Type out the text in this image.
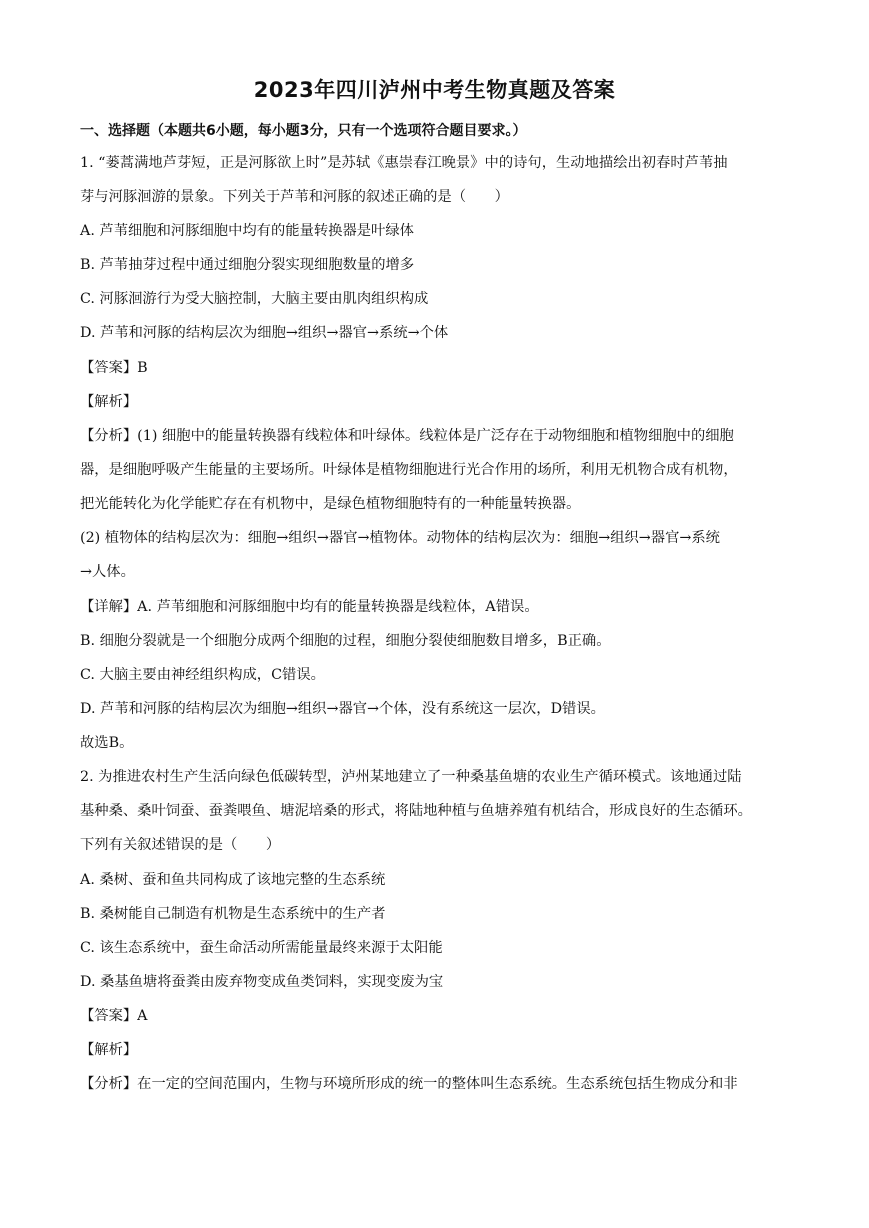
2023年四川泸州中考生物真题及答案
一、选择题（本题共6小题，每小题3分，只有一个选项符合题目要求。）
1. “蒌蒿满地芦芽短，正是河豚欲上时”是苏轼《惠崇春江晚景》中的诗句，生动地描绘出初春时芦苇抽
芽与河豚洄游的景象。下列关于芦苇和河豚的叙述正确的是（　　）
A. 芦苇细胞和河豚细胞中均有的能量转换器是叶绿体
B. 芦苇抽芽过程中通过细胞分裂实现细胞数量的增多
C. 河豚洄游行为受大脑控制，大脑主要由肌肉组织构成
D. 芦苇和河豚的结构层次为细胞→组织→器官→系统→个体
【答案】B
【解析】
【分析】(1) 细胞中的能量转换器有线粒体和叶绿体。线粒体是广泛存在于动物细胞和植物细胞中的细胞
器，是细胞呼吸产生能量的主要场所。叶绿体是植物细胞进行光合作用的场所，利用无机物合成有机物，
把光能转化为化学能贮存在有机物中，是绿色植物细胞特有的一种能量转换器。
(2) 植物体的结构层次为：细胞→组织→器官→植物体。动物体的结构层次为：细胞→组织→器官→系统
→人体。
【详解】A. 芦苇细胞和河豚细胞中均有的能量转换器是线粒体，A错误。
B. 细胞分裂就是一个细胞分成两个细胞的过程，细胞分裂使细胞数目增多，B正确。
C. 大脑主要由神经组织构成，C错误。
D. 芦苇和河豚的结构层次为细胞→组织→器官→个体，没有系统这一层次，D错误。
故选B。
2. 为推进农村生产生活向绿色低碳转型，泸州某地建立了一种桑基鱼塘的农业生产循环模式。该地通过陆
基种桑、桑叶饲蚕、蚕粪喂鱼、塘泥培桑的形式，将陆地种植与鱼塘养殖有机结合，形成良好的生态循环。
下列有关叙述错误的是（　　）
A. 桑树、蚕和鱼共同构成了该地完整的生态系统
B. 桑树能自己制造有机物是生态系统中的生产者
C. 该生态系统中，蚕生命活动所需能量最终来源于太阳能
D. 桑基鱼塘将蚕粪由废弃物变成鱼类饲料，实现变废为宝
【答案】A
【解析】
【分析】在一定的空间范围内，生物与环境所形成的统一的整体叫生态系统。生态系统包括生物成分和非
